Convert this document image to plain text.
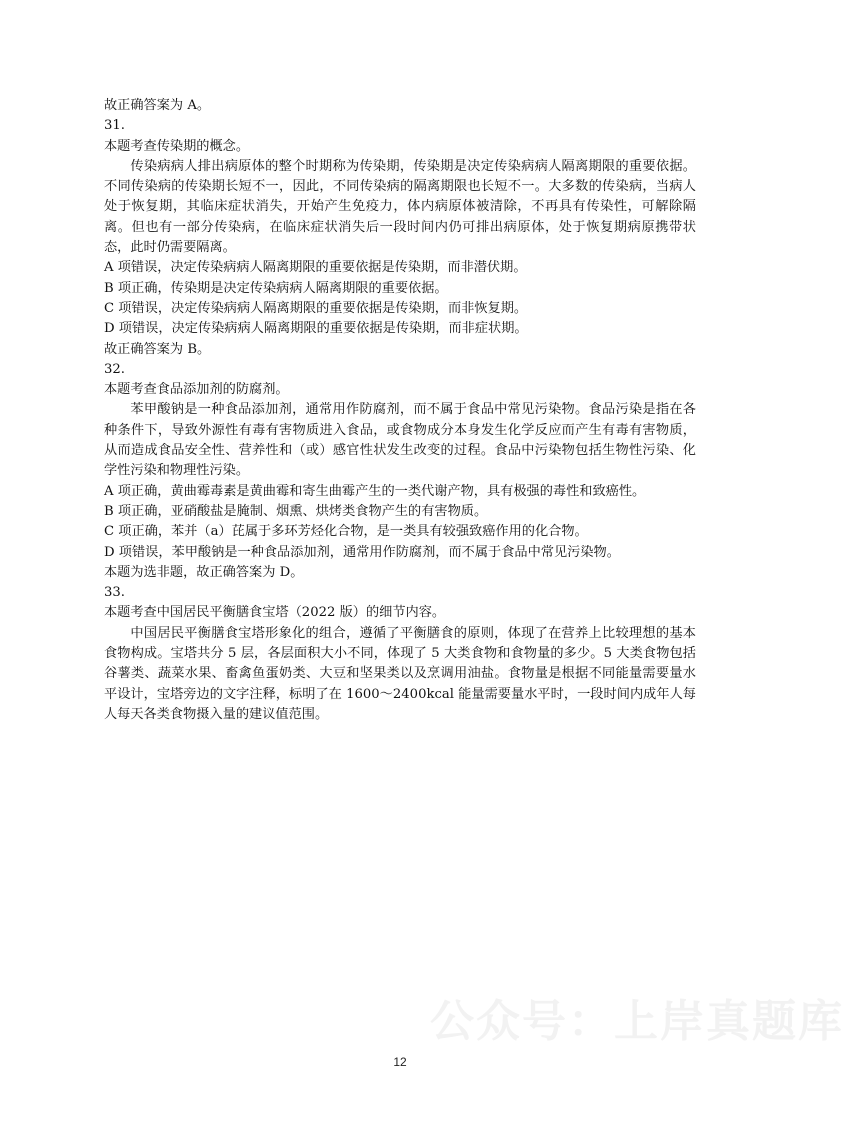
故正确答案为 A。
31.
本题考查传染期的概念。
传染病病人排出病原体的整个时期称为传染期，传染期是决定传染病病人隔离期限的重要依据。不同传染病的传染期长短不一，因此，不同传染病的隔离期限也长短不一。大多数的传染病，当病人处于恢复期，其临床症状消失，开始产生免疫力，体内病原体被清除，不再具有传染性，可解除隔离。但也有一部分传染病，在临床症状消失后一段时间内仍可排出病原体，处于恢复期病原携带状态，此时仍需要隔离。
A 项错误，决定传染病病人隔离期限的重要依据是传染期，而非潜伏期。
B 项正确，传染期是决定传染病病人隔离期限的重要依据。
C 项错误，决定传染病病人隔离期限的重要依据是传染期，而非恢复期。
D 项错误，决定传染病病人隔离期限的重要依据是传染期，而非症状期。
故正确答案为 B。
32.
本题考查食品添加剂的防腐剂。
苯甲酸钠是一种食品添加剂，通常用作防腐剂，而不属于食品中常见污染物。食品污染是指在各种条件下，导致外源性有毒有害物质进入食品，或食物成分本身发生化学反应而产生有毒有害物质，从而造成食品安全性、营养性和（或）感官性状发生改变的过程。食品中污染物包括生物性污染、化学性污染和物理性污染。
A 项正确，黄曲霉毒素是黄曲霉和寄生曲霉产生的一类代谢产物，具有极强的毒性和致癌性。
B 项正确，亚硝酸盐是腌制、烟熏、烘烤类食物产生的有害物质。
C 项正确，苯并（a）芘属于多环芳烃化合物，是一类具有较强致癌作用的化合物。
D 项错误，苯甲酸钠是一种食品添加剂，通常用作防腐剂，而不属于食品中常见污染物。
本题为选非题，故正确答案为 D。
33.
本题考查中国居民平衡膳食宝塔（2022 版）的细节内容。
中国居民平衡膳食宝塔形象化的组合，遵循了平衡膳食的原则，体现了在营养上比较理想的基本食物构成。宝塔共分 5 层，各层面积大小不同，体现了 5 大类食物和食物量的多少。5 大类食物包括谷薯类、蔬菜水果、畜禽鱼蛋奶类、大豆和坚果类以及烹调用油盐。食物量是根据不同能量需要量水平设计，宝塔旁边的文字注释，标明了在 1600～2400kcal 能量需要量水平时，一段时间内成年人每人每天各类食物摄入量的建议值范围。
公众号：上岸真题库
12
